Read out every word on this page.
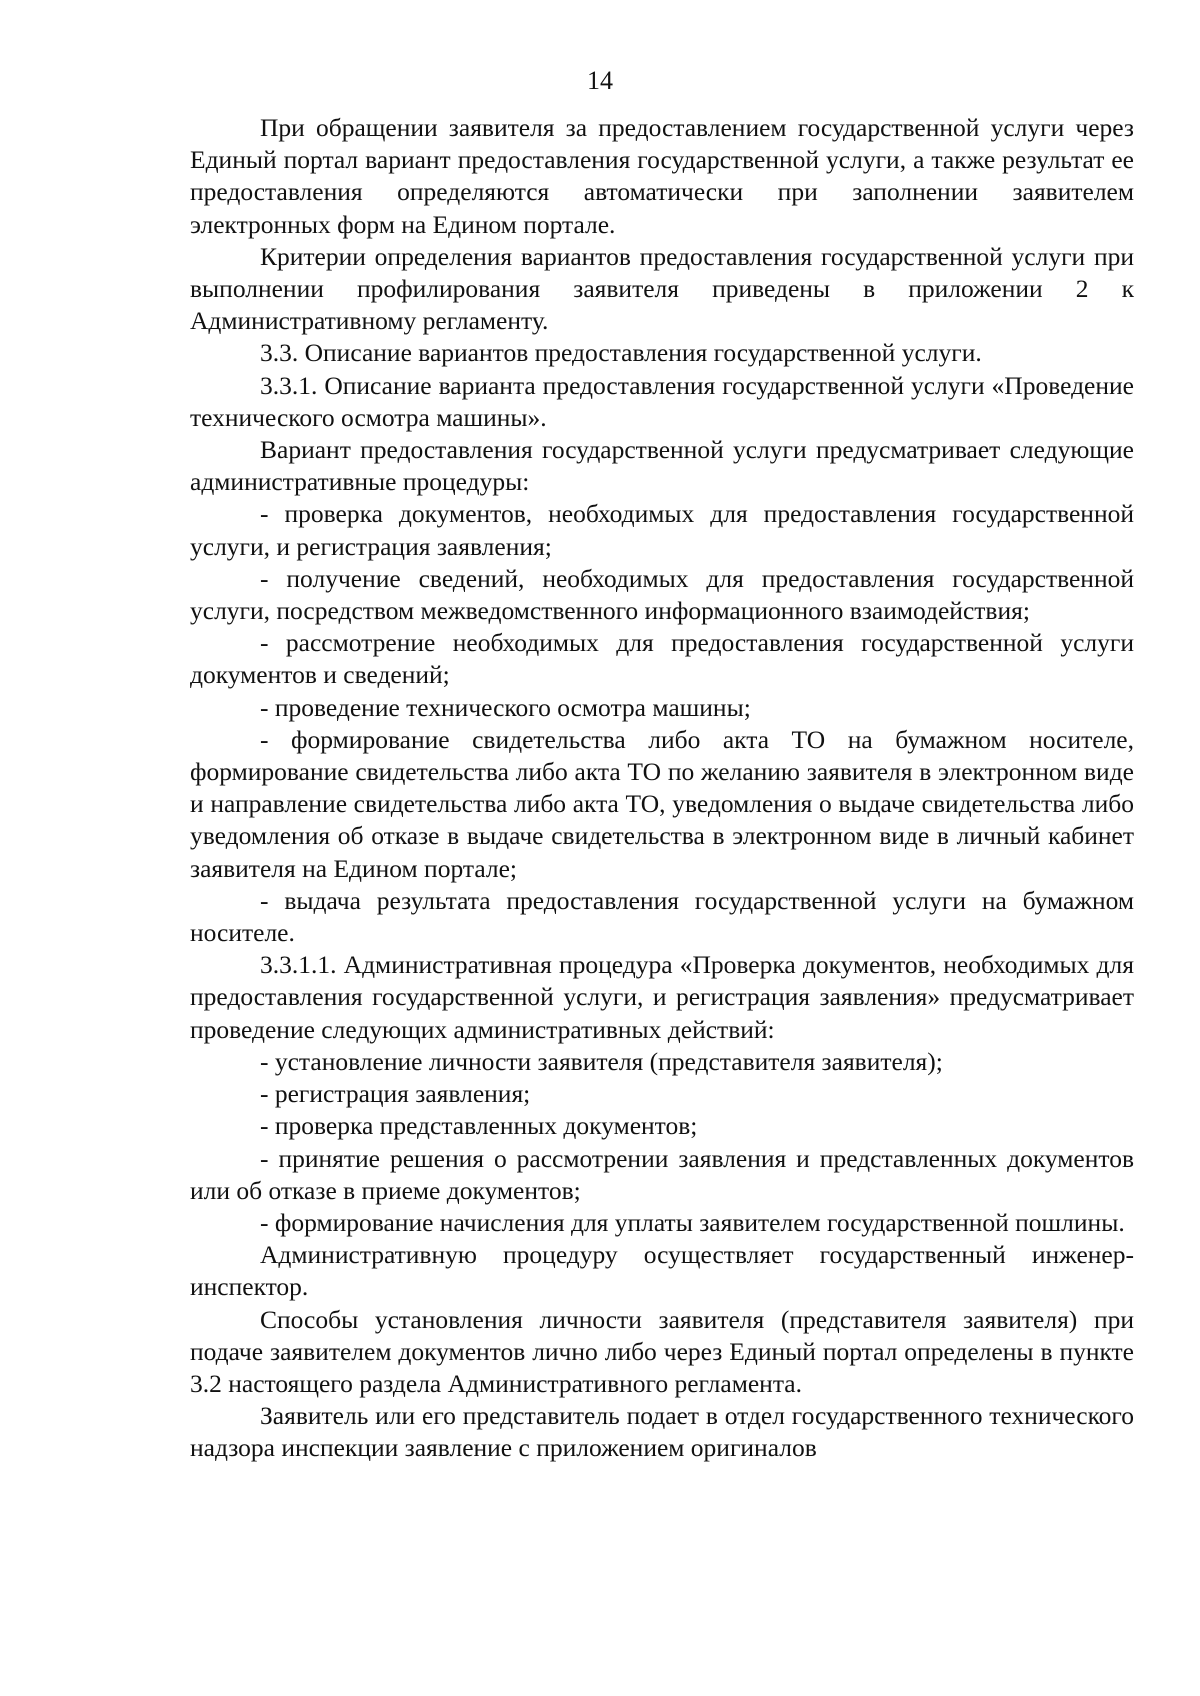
14

При обращении заявителя за предоставлением государственной услуги через Единый портал вариант предоставления государственной услуги, а также результат ее предоставления определяются автоматически при заполнении заявителем электронных форм на Едином портале.

Критерии определения вариантов предоставления государственной услуги при выполнении профилирования заявителя приведены в приложении 2 к Административному регламенту.

3.3. Описание вариантов предоставления государственной услуги.

3.3.1. Описание варианта предоставления государственной услуги «Проведение технического осмотра машины».

Вариант предоставления государственной услуги предусматривает следующие административные процедуры:

- проверка документов, необходимых для предоставления государственной услуги, и регистрация заявления;

- получение сведений, необходимых для предоставления государственной услуги, посредством межведомственного информационного взаимодействия;

- рассмотрение необходимых для предоставления государственной услуги документов и сведений;

- проведение технического осмотра машины;

- формирование свидетельства либо акта ТО на бумажном носителе, формирование свидетельства либо акта ТО по желанию заявителя в электронном виде и направление свидетельства либо акта ТО, уведомления о выдаче свидетельства либо уведомления об отказе в выдаче свидетельства в электронном виде в личный кабинет заявителя на Едином портале;

- выдача результата предоставления государственной услуги на бумажном носителе.

3.3.1.1. Административная процедура «Проверка документов, необходимых для предоставления государственной услуги, и регистрация заявления» предусматривает проведение следующих административных действий:

- установление личности заявителя (представителя заявителя);

- регистрация заявления;

- проверка представленных документов;

- принятие решения о рассмотрении заявления и представленных документов или об отказе в приеме документов;

- формирование начисления для уплаты заявителем государственной пошлины.

Административную процедуру осуществляет государственный инженер-инспектор.

Способы установления личности заявителя (представителя заявителя) при подаче заявителем документов лично либо через Единый портал определены в пункте 3.2 настоящего раздела Административного регламента.

Заявитель или его представитель подает в отдел государственного технического надзора инспекции заявление с приложением оригиналов
